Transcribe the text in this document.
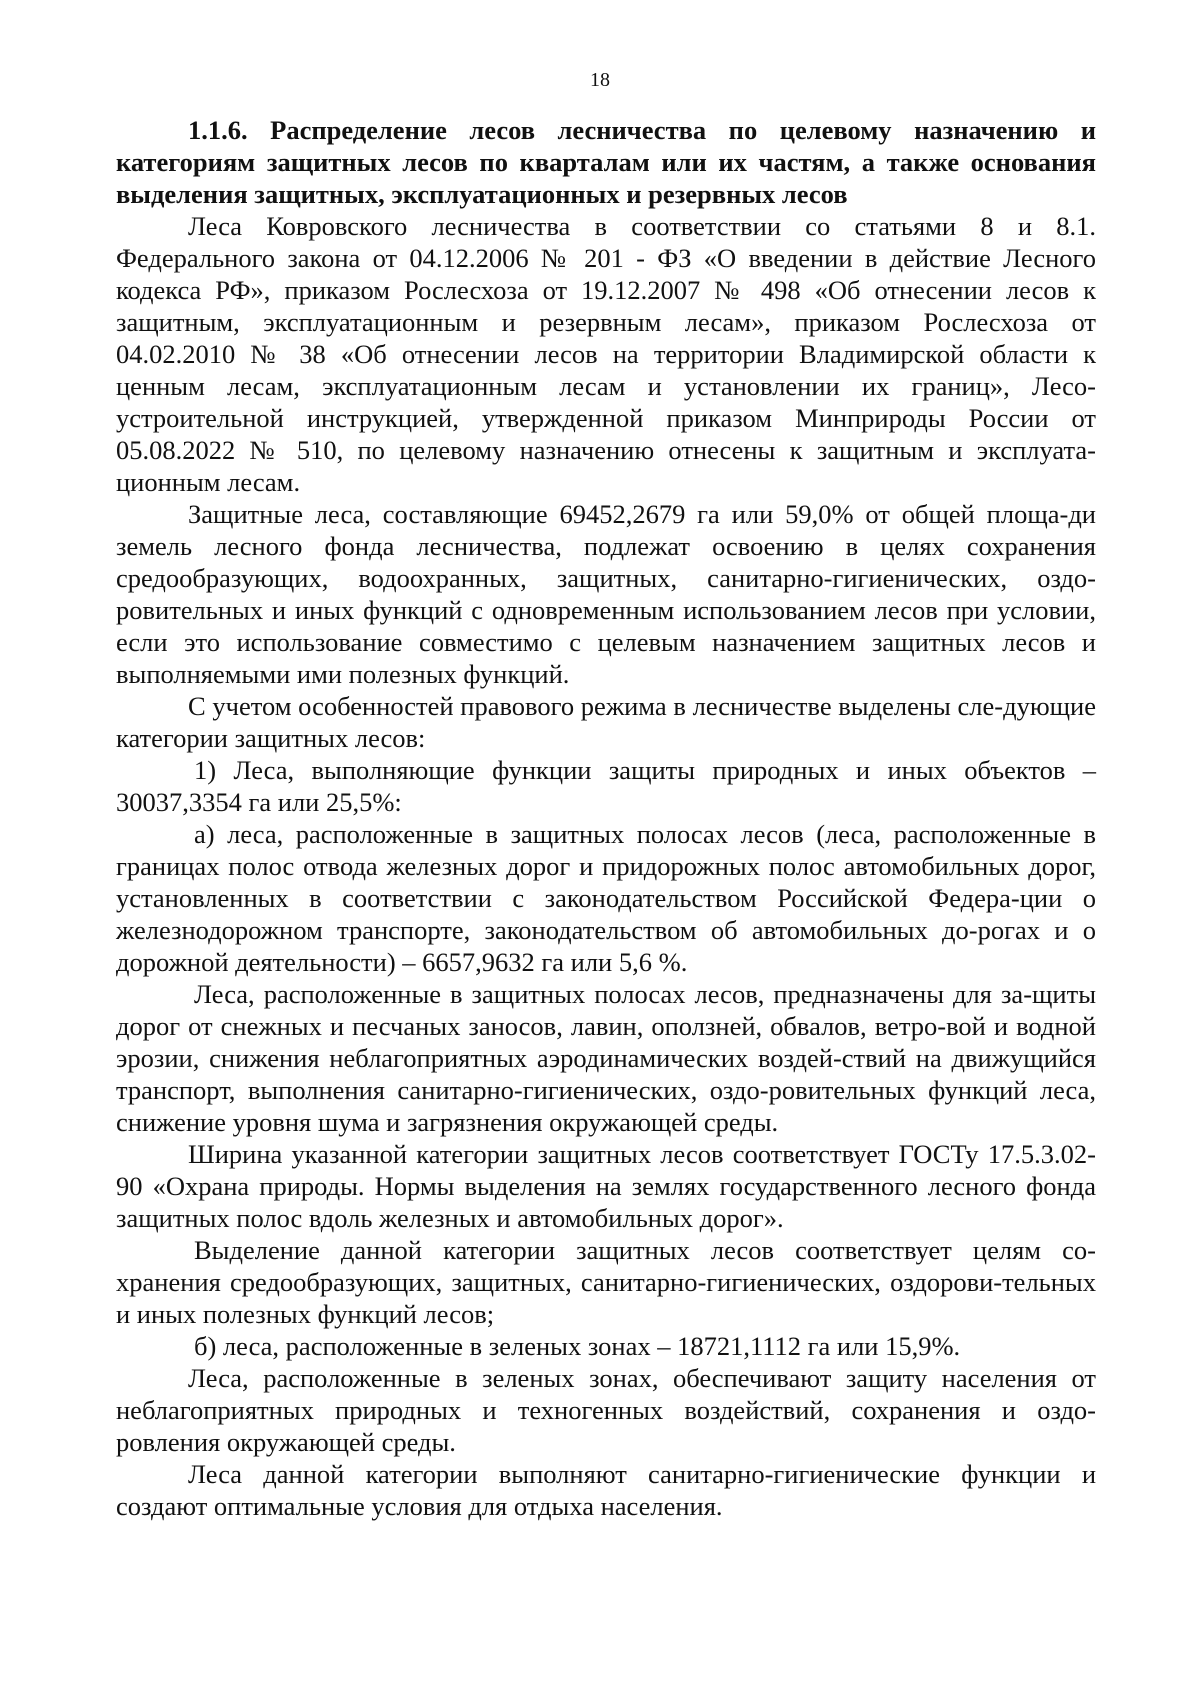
18

1.1.6. Распределение лесов лесничества по целевому назначению и категориям защитных лесов по кварталам или их частям, а также основания выделения защитных, эксплуатационных и резервных лесов

Леса Ковровского лесничества в соответствии со статьями 8 и 8.1. Федерального закона от 04.12.2006 № 201 - ФЗ «О введении в действие Лесного кодекса РФ», приказом Рослесхоза от 19.12.2007 № 498 «Об отнесении лесов к защитным, эксплуатационным и резервным лесам», приказом Рослесхоза от 04.02.2010 № 38 «Об отнесении лесов на территории Владимирской области к ценным лесам, эксплуатационным лесам и установлении их границ», Лесо-устроительной инструкцией, утвержденной приказом Минприроды России от 05.08.2022 № 510, по целевому назначению отнесены к защитным и эксплуата-ционным лесам.

Защитные леса, составляющие 69452,2679 га или 59,0% от общей площа-ди земель лесного фонда лесничества, подлежат освоению в целях сохранения средообразующих, водоохранных, защитных, санитарно-гигиенических, оздо-ровительных и иных функций с одновременным использованием лесов при условии, если это использование совместимо с целевым назначением защитных лесов и выполняемыми ими полезных функций.

С учетом особенностей правового режима в лесничестве выделены сле-дующие категории защитных лесов:

1) Леса, выполняющие функции защиты природных и иных объектов – 30037,3354 га или 25,5%:

а) леса, расположенные в защитных полосах лесов (леса, расположенные в границах полос отвода железных дорог и придорожных полос автомобильных дорог, установленных в соответствии с законодательством Российской Федера-ции о железнодорожном транспорте, законодательством об автомобильных до-рогах и о дорожной деятельности) – 6657,9632 га или 5,6 %.

Леса, расположенные в защитных полосах лесов, предназначены для за-щиты дорог от снежных и песчаных заносов, лавин, оползней, обвалов, ветро-вой и водной эрозии, снижения неблагоприятных аэродинамических воздей-ствий на движущийся транспорт, выполнения санитарно-гигиенических, оздо-ровительных функций леса, снижение уровня шума и загрязнения окружающей среды.

Ширина указанной категории защитных лесов соответствует ГОСТу 17.5.3.02-90 «Охрана природы. Нормы выделения на землях государственного лесного фонда защитных полос вдоль железных и автомобильных дорог».

Выделение данной категории защитных лесов соответствует целям со-хранения средообразующих, защитных, санитарно-гигиенических, оздорови-тельных и иных полезных функций лесов;

б) леса, расположенные в зеленых зонах – 18721,1112 га или 15,9%.

Леса, расположенные в зеленых зонах, обеспечивают защиту населения от неблагоприятных природных и техногенных воздействий, сохранения и оздо-ровления окружающей среды.

Леса данной категории выполняют санитарно-гигиенические функции и создают оптимальные условия для отдыха населения.
